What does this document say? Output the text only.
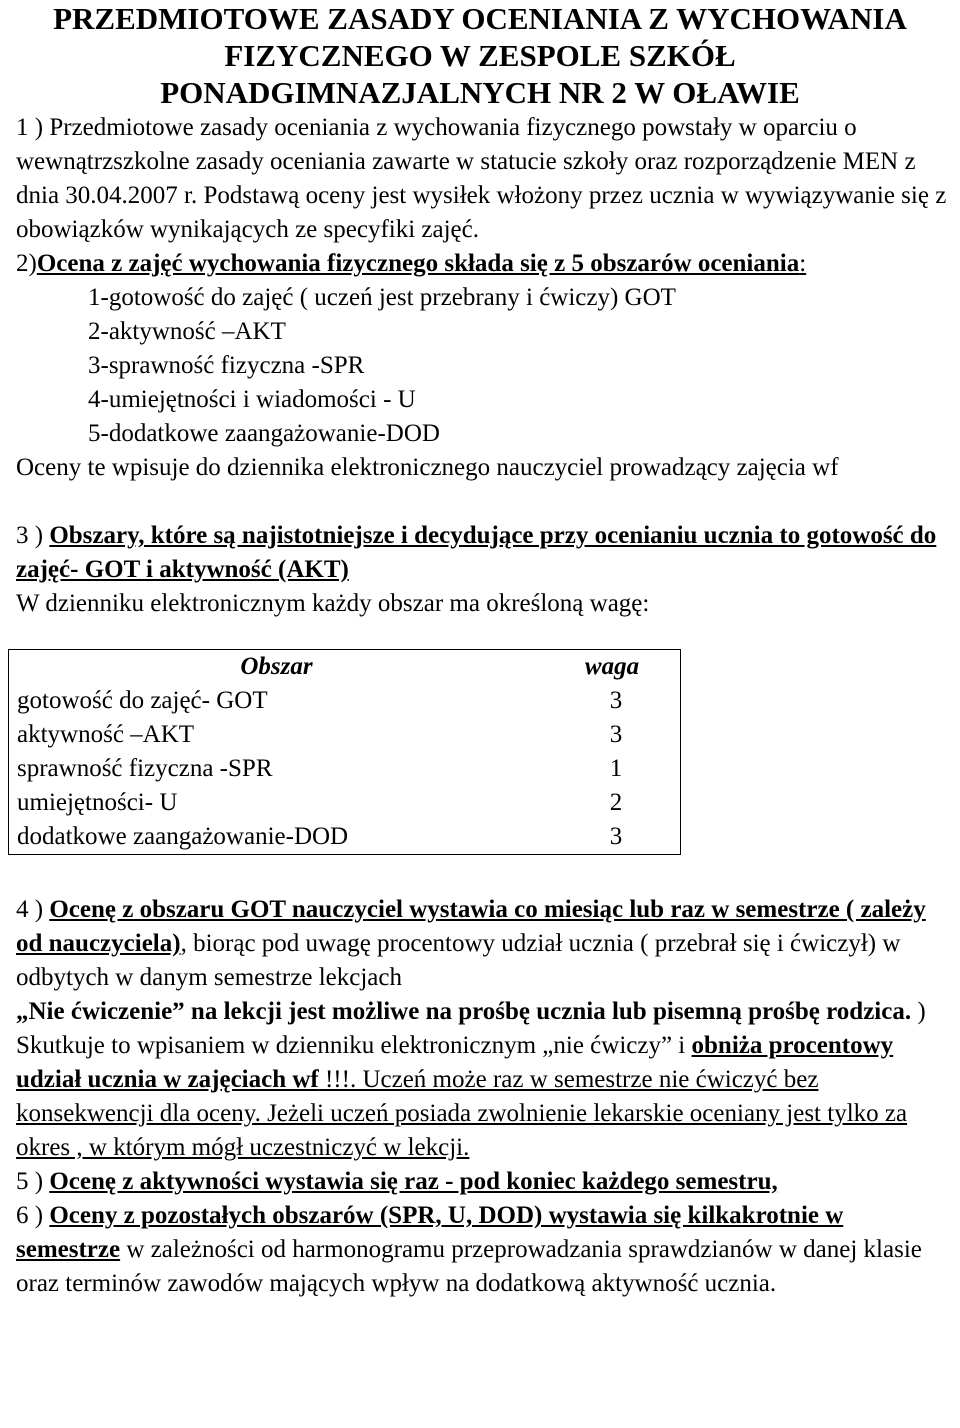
PRZEDMIOTOWE ZASADY OCENIANIA Z WYCHOWANIA
FIZYCZNEGO W ZESPOLE SZKÓŁ
PONADGIMNAZJALNYCH NR 2 W OŁAWIE

1 ) Przedmiotowe zasady oceniania z wychowania fizycznego powstały w oparciu o wewnątrzszkolne zasady oceniania zawarte w statucie szkoły oraz rozporządzenie MEN z dnia 30.04.2007 r. Podstawą oceny jest wysiłek włożony przez ucznia w wywiązywanie się z obowiązków wynikających ze specyfiki zajęć.

2)Ocena z zajęć wychowania fizycznego składa się z 5 obszarów oceniania:

1-gotowość do zajęć ( uczeń jest przebrany i ćwiczy) GOT
2-aktywność –AKT
3-sprawność fizyczna -SPR
4-umiejętności i wiadomości - U
5-dodatkowe zaangażowanie-DOD

Oceny te wpisuje do dziennika elektronicznego nauczyciel prowadzący zajęcia wf

3 ) Obszary, które są najistotniejsze i decydujące przy ocenianiu ucznia to gotowość do zajęć- GOT i aktywność (AKT)

W dzienniku elektronicznym każdy obszar ma określoną wagę:

Obszar	waga
gotowość do zajęć- GOT	3
aktywność –AKT	3
sprawność fizyczna -SPR	1
umiejętności- U	2
dodatkowe zaangażowanie-DOD	3

4 ) Ocenę z obszaru GOT nauczyciel wystawia co miesiąc lub raz w semestrze ( zależy od nauczyciela), biorąc pod uwagę procentowy udział ucznia ( przebrał się i ćwiczył) w odbytych w danym semestrze lekcjach

„Nie ćwiczenie” na lekcji jest możliwe na prośbę ucznia lub pisemną prośbę rodzica. )

Skutkuje to wpisaniem w dzienniku elektronicznym „nie ćwiczy” i obniża procentowy udział ucznia w zajęciach wf !!!. Uczeń może raz w semestrze nie ćwiczyć bez konsekwencji dla oceny. Jeżeli uczeń posiada zwolnienie lekarskie oceniany jest tylko za okres , w którym mógł uczestniczyć w lekcji.

5 ) Ocenę z aktywności wystawia się raz - pod koniec każdego semestru,

6 ) Oceny z pozostałych obszarów (SPR, U, DOD) wystawia się kilkakrotnie w semestrze w zależności od harmonogramu przeprowadzania sprawdzianów w danej klasie oraz terminów zawodów mających wpływ na dodatkową aktywność ucznia.
